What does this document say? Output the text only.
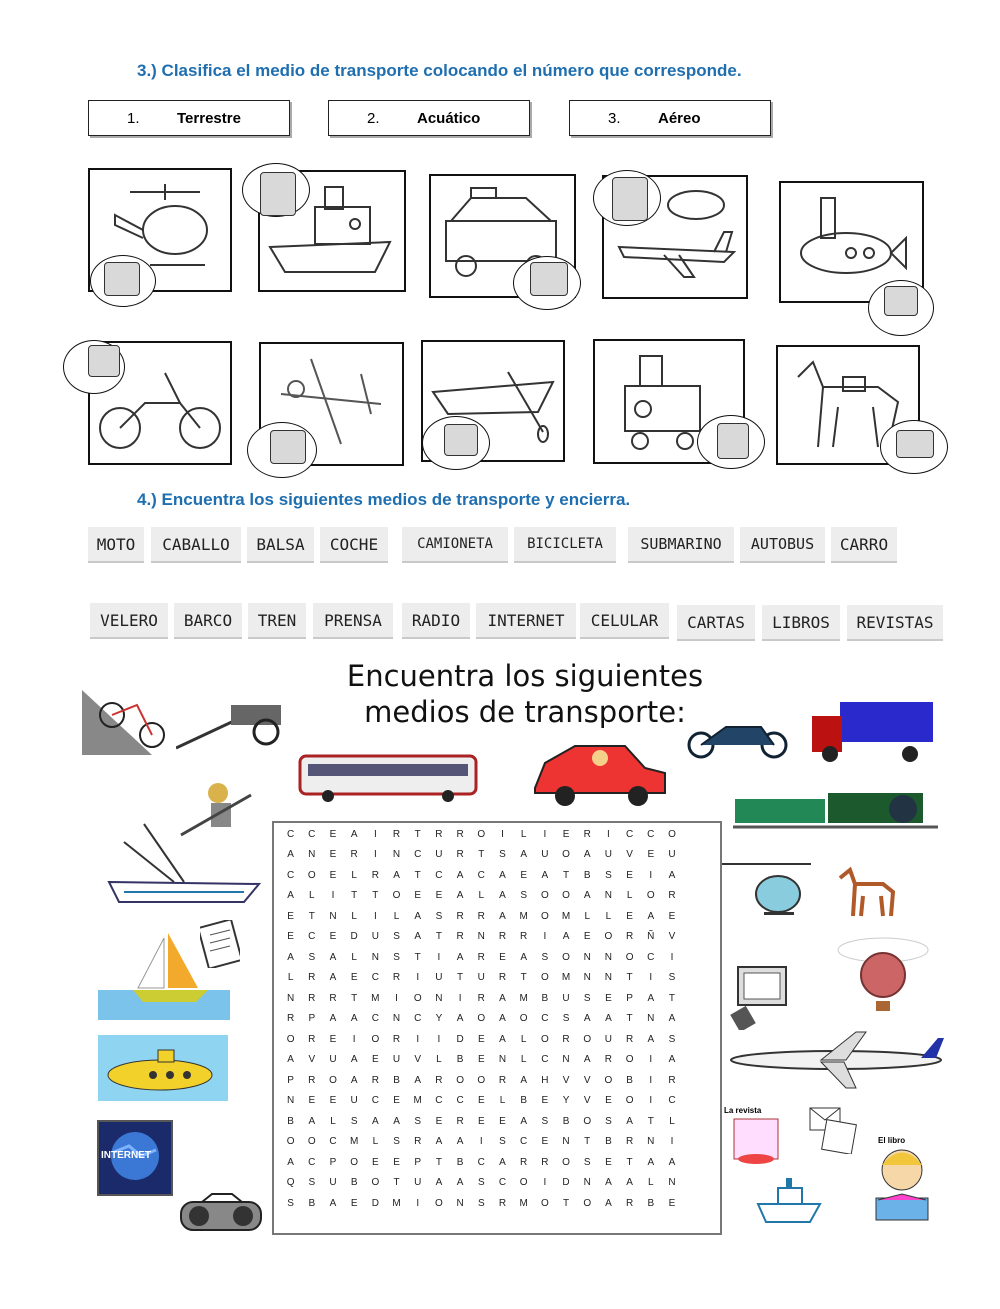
3.) Clasifica el medio de transporte colocando el número que corresponde.
1.	Terrestre	2.	Acuático	3.	Aéreo
4.) Encuentra los siguientes medios de transporte y encierra.
MOTO	CABALLO	BALSA	COCHE	CAMIONETA	BICICLETA	SUBMARINO	AUTOBUS	CARRO
VELERO	BARCO	TREN	PRENSA	RADIO	INTERNET	CELULAR	CARTAS	LIBROS	REVISTAS
Encuentra los siguientes
medios de transporte:
INTERNET
La revista
El libro
C	C	E	A	I	R	T	R	R	O	I	L	I	E	R	I	C	C	O
A	N	E	R	I	N	C	U	R	T	S	A	U	O	A	U	V	E	U
C	O	E	L	R	A	T	C	A	C	A	E	A	T	B	S	E	I	A
A	L	I	T	T	O	E	E	A	L	A	S	O	O	A	N	L	O	R
E	T	N	L	I	L	A	S	R	R	A	M	O	M	L	L	E	A	E
E	C	E	D	U	S	A	T	R	N	R	R	I	A	E	O	R	Ñ	V
A	S	A	L	N	S	T	I	A	R	E	A	S	O	N	N	O	C	I
L	R	A	E	C	R	I	U	T	U	R	T	O	M	N	N	T	I	S
N	R	R	T	M	I	O	N	I	R	A	M	B	U	S	E	P	A	T
R	P	A	A	C	N	C	Y	A	O	A	O	C	S	A	A	T	N	A
O	R	E	I	O	R	I	I	D	E	A	L	O	R	O	U	R	A	S
A	V	U	A	E	U	V	L	B	E	N	L	C	N	A	R	O	I	A
P	R	O	A	R	B	A	R	O	O	R	A	H	V	V	O	B	I	R
N	E	E	U	C	E	M	C	C	E	L	B	E	Y	V	E	O	I	C
B	A	L	S	A	A	S	E	R	E	E	A	S	B	O	S	A	T	L
O	O	C	M	L	S	R	A	A	I	S	C	E	N	T	B	R	N	I
A	C	P	O	E	E	P	T	B	C	A	R	R	O	S	E	T	A	A
Q	S	U	B	O	T	U	A	A	S	C	O	I	D	N	A	A	L	N
S	B	A	E	D	M	I	O	N	S	R	M	O	T	O	A	R	B	E
